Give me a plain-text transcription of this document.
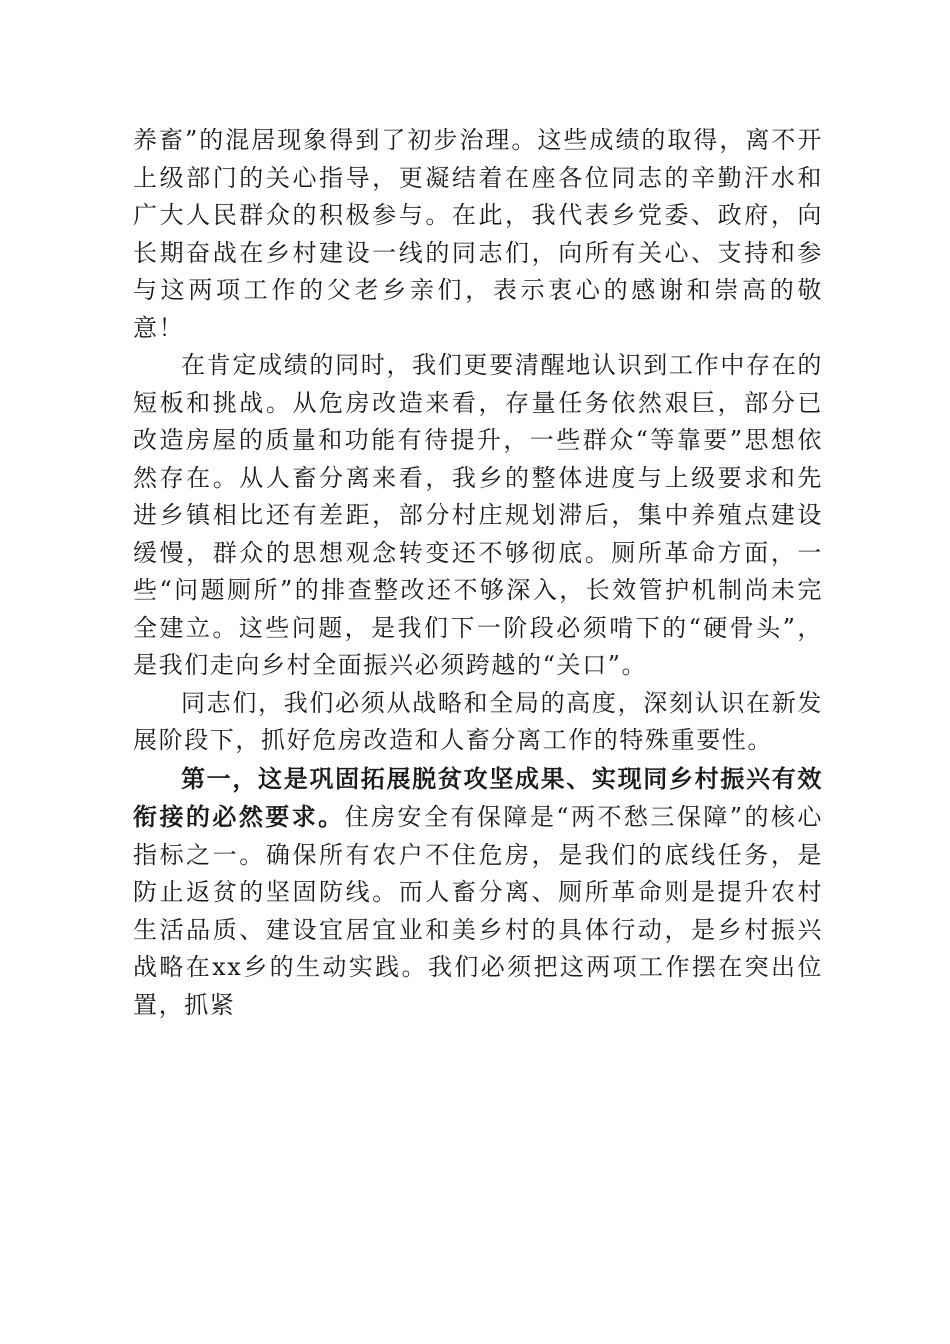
养畜”的混居现象得到了初步治理。这些成绩的取得，离不开上级部门的关心指导，更凝结着在座各位同志的辛勤汗水和广大人民群众的积极参与。在此，我代表乡党委、政府，向长期奋战在乡村建设一线的同志们，向所有关心、支持和参与这两项工作的父老乡亲们，表示衷心的感谢和崇高的敬意！

在肯定成绩的同时，我们更要清醒地认识到工作中存在的短板和挑战。从危房改造来看，存量任务依然艰巨，部分已改造房屋的质量和功能有待提升，一些群众“等靠要”思想依然存在。从人畜分离来看，我乡的整体进度与上级要求和先进乡镇相比还有差距，部分村庄规划滞后，集中养殖点建设缓慢，群众的思想观念转变还不够彻底。厕所革命方面，一些“问题厕所”的排查整改还不够深入，长效管护机制尚未完全建立。这些问题，是我们下一阶段必须啃下的“硬骨头”，是我们走向乡村全面振兴必须跨越的“关口”。

同志们，我们必须从战略和全局的高度，深刻认识在新发展阶段下，抓好危房改造和人畜分离工作的特殊重要性。

第一，这是巩固拓展脱贫攻坚成果、实现同乡村振兴有效衔接的必然要求。住房安全有保障是“两不愁三保障”的核心指标之一。确保所有农户不住危房，是我们的底线任务，是防止返贫的坚固防线。而人畜分离、厕所革命则是提升农村生活品质、建设宜居宜业和美乡村的具体行动，是乡村振兴战略在xx乡的生动实践。我们必须把这两项工作摆在突出位置，抓紧
